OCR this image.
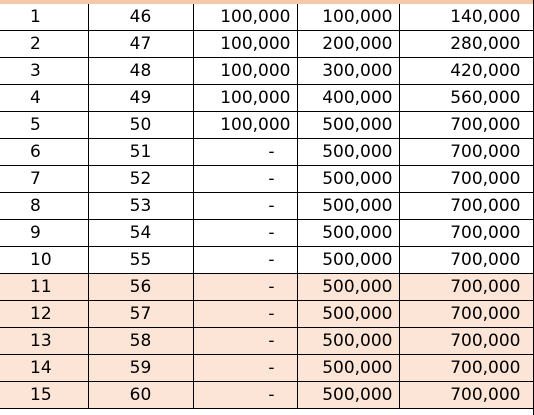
1	46	100,000	100,000	140,000
2	47	100,000	200,000	280,000
3	48	100,000	300,000	420,000
4	49	100,000	400,000	560,000
5	50	100,000	500,000	700,000
6	51	-	500,000	700,000
7	52	-	500,000	700,000
8	53	-	500,000	700,000
9	54	-	500,000	700,000
10	55	-	500,000	700,000
11	56	-	500,000	700,000
12	57	-	500,000	700,000
13	58	-	500,000	700,000
14	59	-	500,000	700,000
15	60	-	500,000	700,000
